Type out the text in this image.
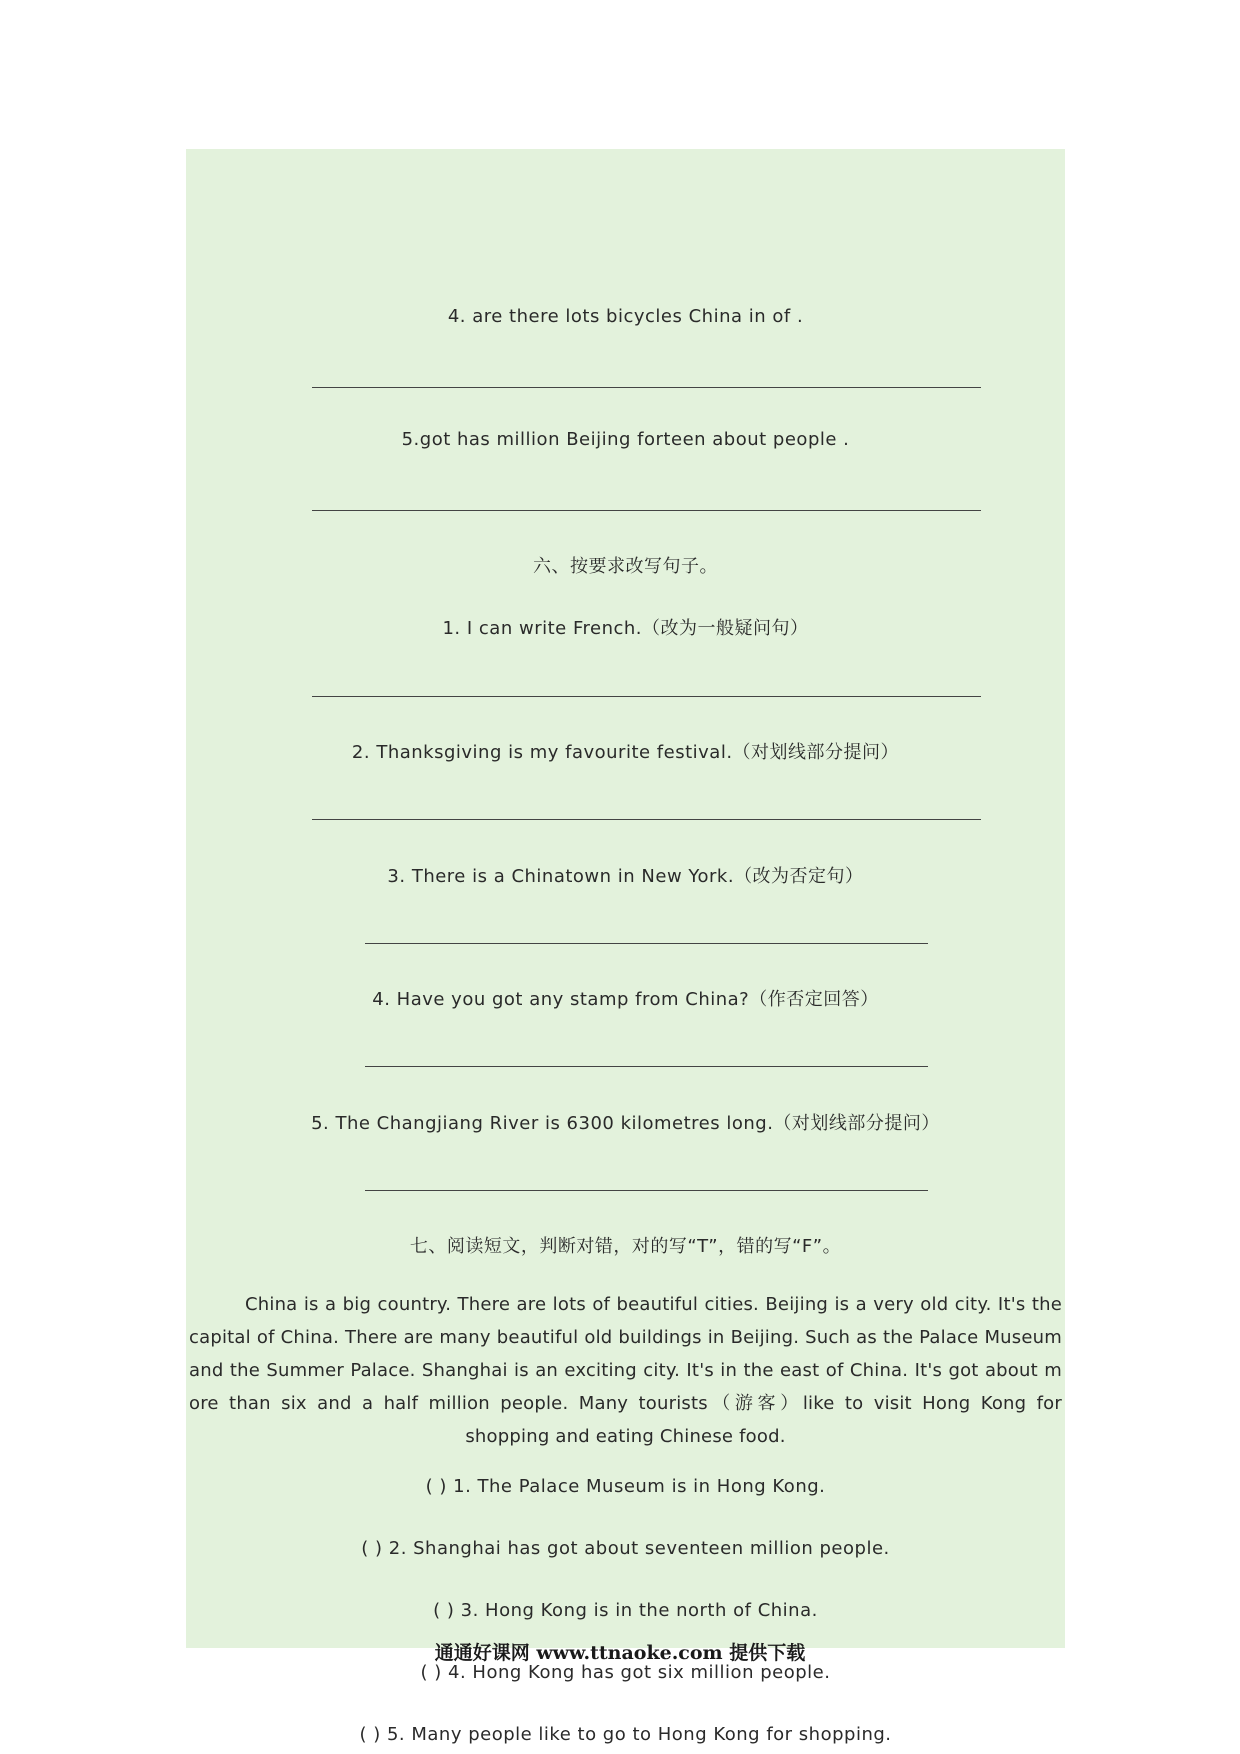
4. are there lots bicycles China in of .
5.got has million Beijing forteen about people .
六、按要求改写句子。
1. I can write French.（改为一般疑问句）
2. Thanksgiving is my favourite festival.（对划线部分提问）
3. There is a Chinatown in New York.（改为否定句）
4. Have you got any stamp from China?（作否定回答）
5. The Changjiang River is 6300 kilometres long.（对划线部分提问）
七、阅读短文，判断对错，对的写“T”，错的写“F”。
China is a big country. There are lots of beautiful cities. Beijing is a very old city. It's the capital of China. There are many beautiful old buildings in Beijing. Such as the Palace Museum and the Summer Palace. Shanghai is an exciting city. It's in the east of China. It's got about m ore than six and a half million people. Many tourists（游客）like to visit Hong Kong for shopping and eating Chinese food.
( ) 1. The Palace Museum is in Hong Kong.
( ) 2. Shanghai has got about seventeen million people.
( ) 3. Hong Kong is in the north of China.
( ) 4. Hong Kong has got six million people.
( ) 5. Many people like to go to Hong Kong for shopping.
通通好课网 www.ttnaoke.com 提供下载
